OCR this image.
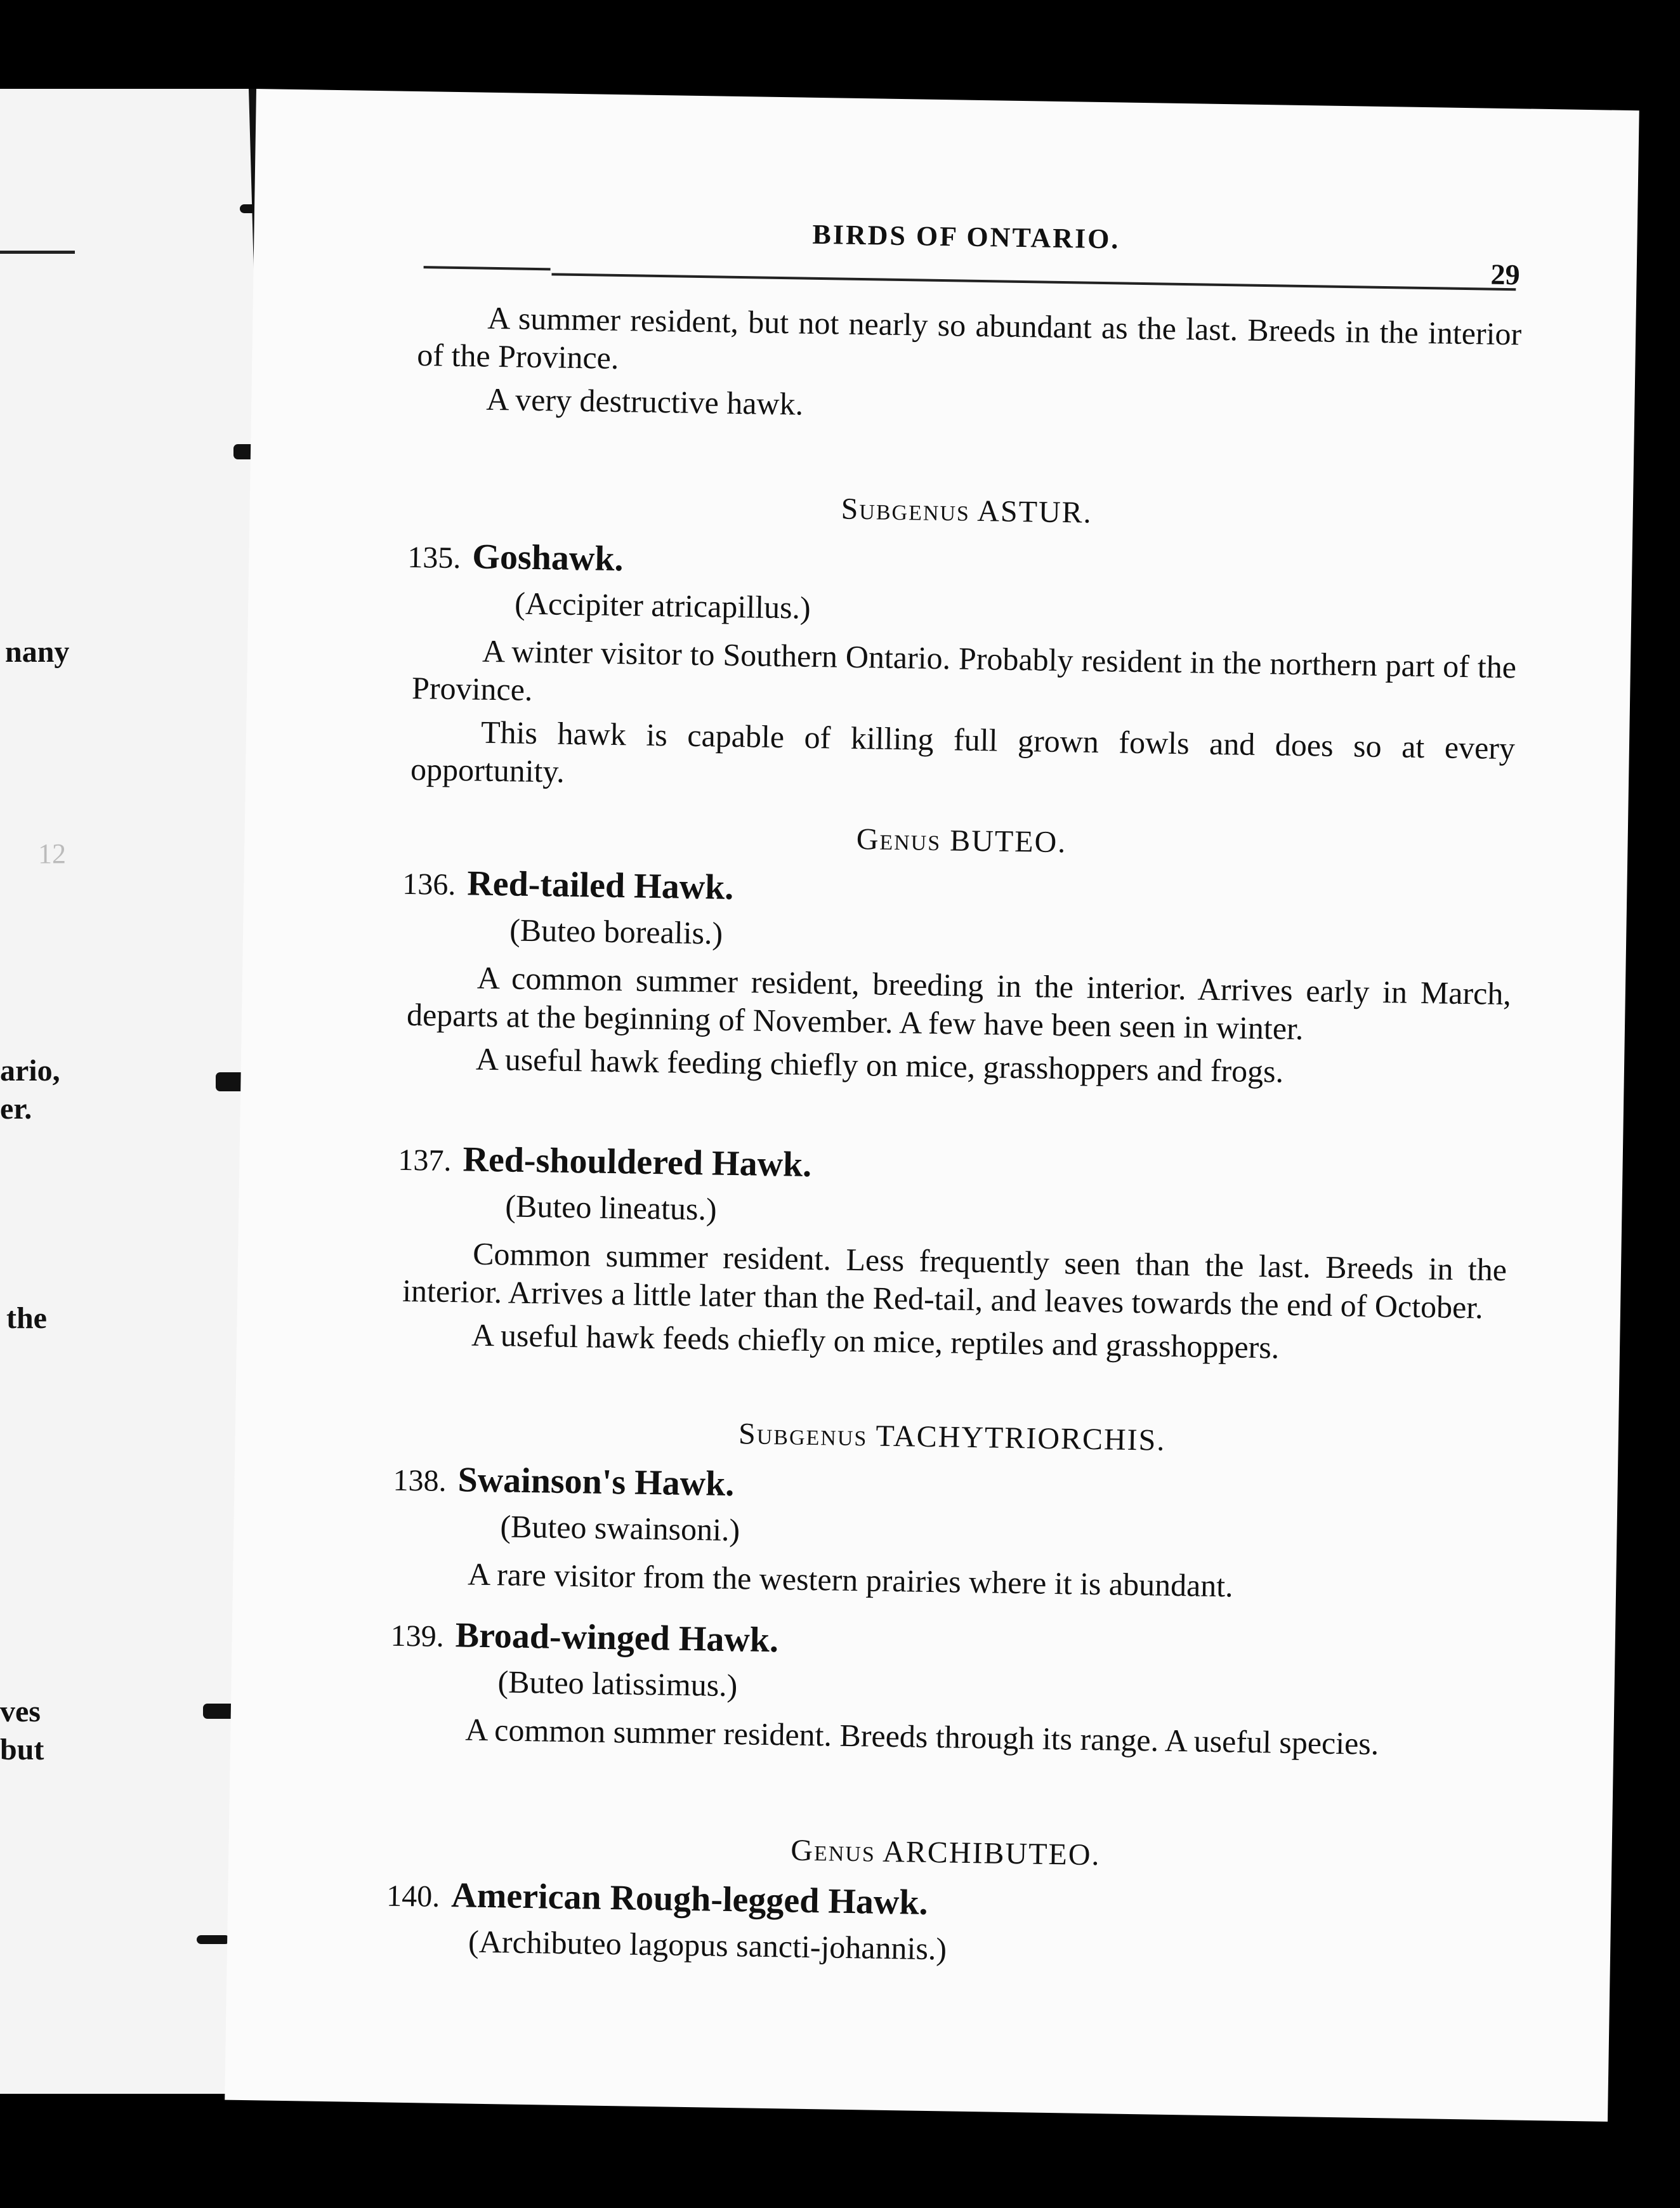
12
nany
ario,
er.
the
ves
but
BIRDS OF ONTARIO.
29

A summer resident, but not nearly so abundant as the last. Breeds in the interior of the Province.

A very destructive hawk.

Subgenus ASTUR.
135. Goshawk.
(Accipiter atricapillus.)

A winter visitor to Southern Ontario. Probably resident in the northern part of the Province.

This hawk is capable of killing full grown fowls and does so at every opportunity.

Genus BUTEO.
136. Red-tailed Hawk.
(Buteo borealis.)

A common summer resident, breeding in the interior. Arrives early in March, departs at the beginning of November. A few have been seen in winter.

A useful hawk feeding chiefly on mice, grasshoppers and frogs.

137. Red-shouldered Hawk.
(Buteo lineatus.)

Common summer resident. Less frequently seen than the last. Breeds in the interior. Arrives a little later than the Red-tail, and leaves towards the end of October.

A useful hawk feeds chiefly on mice, reptiles and grasshoppers.

Subgenus TACHYTRIORCHIS.
138. Swainson's Hawk.
(Buteo swainsoni.)

A rare visitor from the western prairies where it is abundant.

139. Broad-winged Hawk.
(Buteo latissimus.)

A common summer resident. Breeds through its range. A useful species.

Genus ARCHIBUTEO.
140. American Rough-legged Hawk.
(Archibuteo lagopus sancti-johannis.)
